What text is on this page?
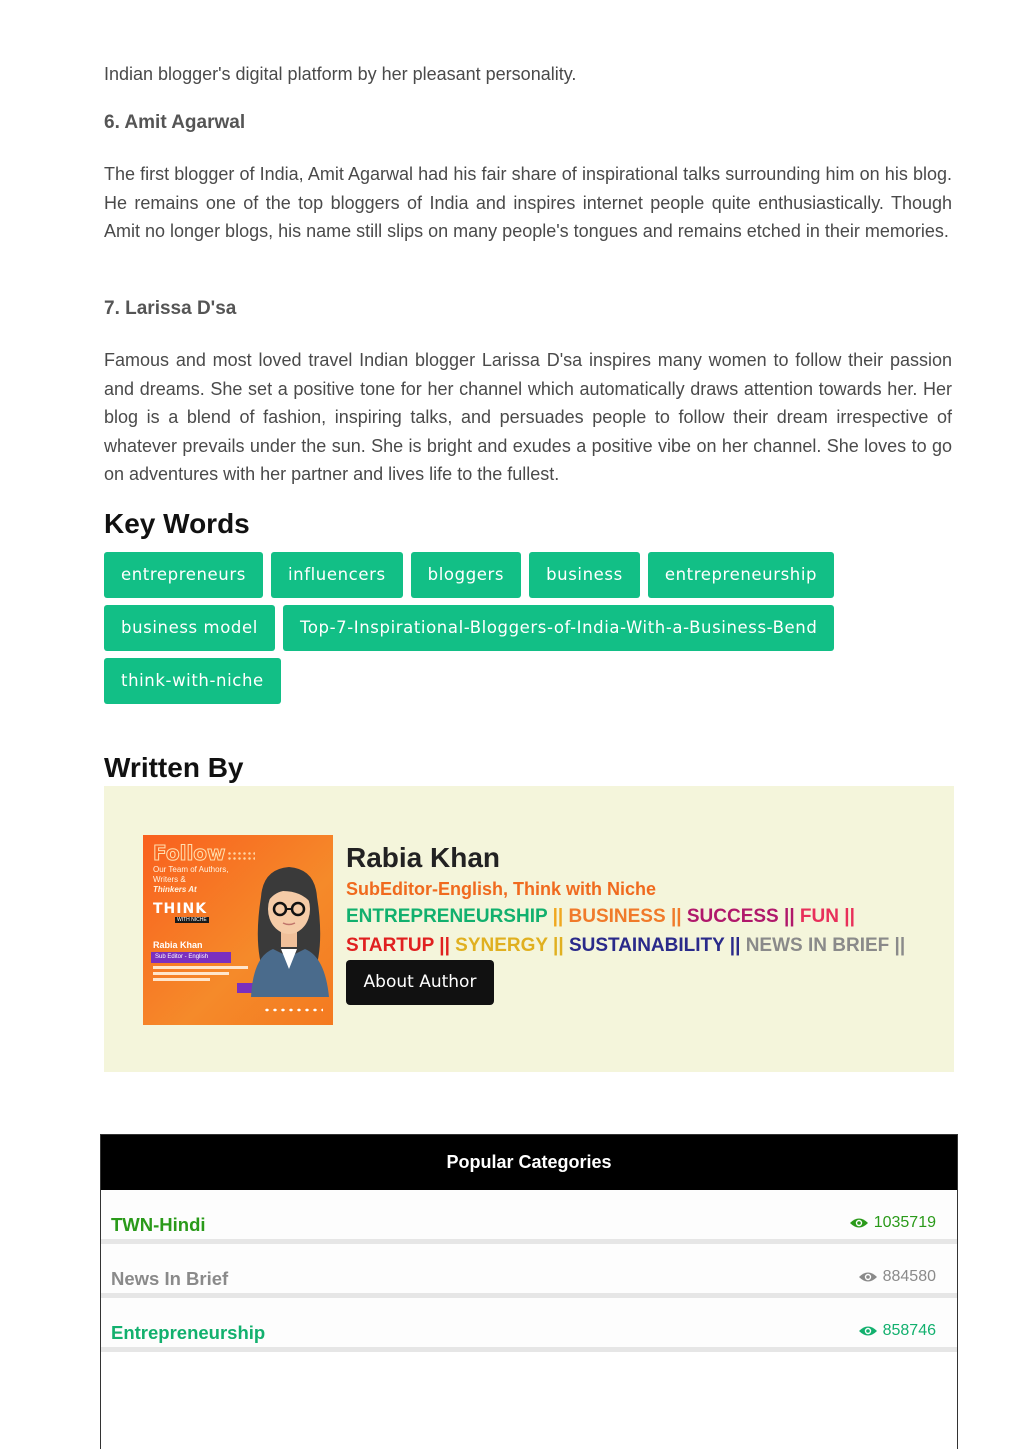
Indian blogger's digital platform by her pleasant personality.

6. Amit Agarwal

The first blogger of India, Amit Agarwal had his fair share of inspirational talks surrounding him on his blog. He remains one of the top bloggers of India and inspires internet people quite enthusiastically. Though Amit no longer blogs, his name still slips on many people's tongues and remains etched in their memories.

7. Larissa D'sa

Famous and most loved travel Indian blogger Larissa D'sa inspires many women to follow their passion and dreams. She set a positive tone for her channel which automatically draws attention towards her. Her blog is a blend of fashion, inspiring talks, and persuades people to follow their dream irrespective of whatever prevails under the sun. She is bright and exudes a positive vibe on her channel. She loves to go on adventures with her partner and lives life to the fullest.

Key Words
entrepreneurs	influencers	bloggers	business	entrepreneurship
business model	Top-7-Inspirational-Bloggers-of-India-With-a-Business-Bend
think-with-niche
Written By
Follow
Our Team of Authors, Writers &
Thinkers At
THINK
WITH NICHE
Rabia Khan
Sub Editor - English
Rabia Khan
SubEditor-English, Think with Niche
ENTREPRENEURSHIP || BUSINESS || SUCCESS || FUN ||
STARTUP || SYNERGY || SUSTAINABILITY || NEWS IN BRIEF ||
About Author
Popular Categories
TWN-Hindi	1035719
News In Brief	884580
Entrepreneurship	858746
